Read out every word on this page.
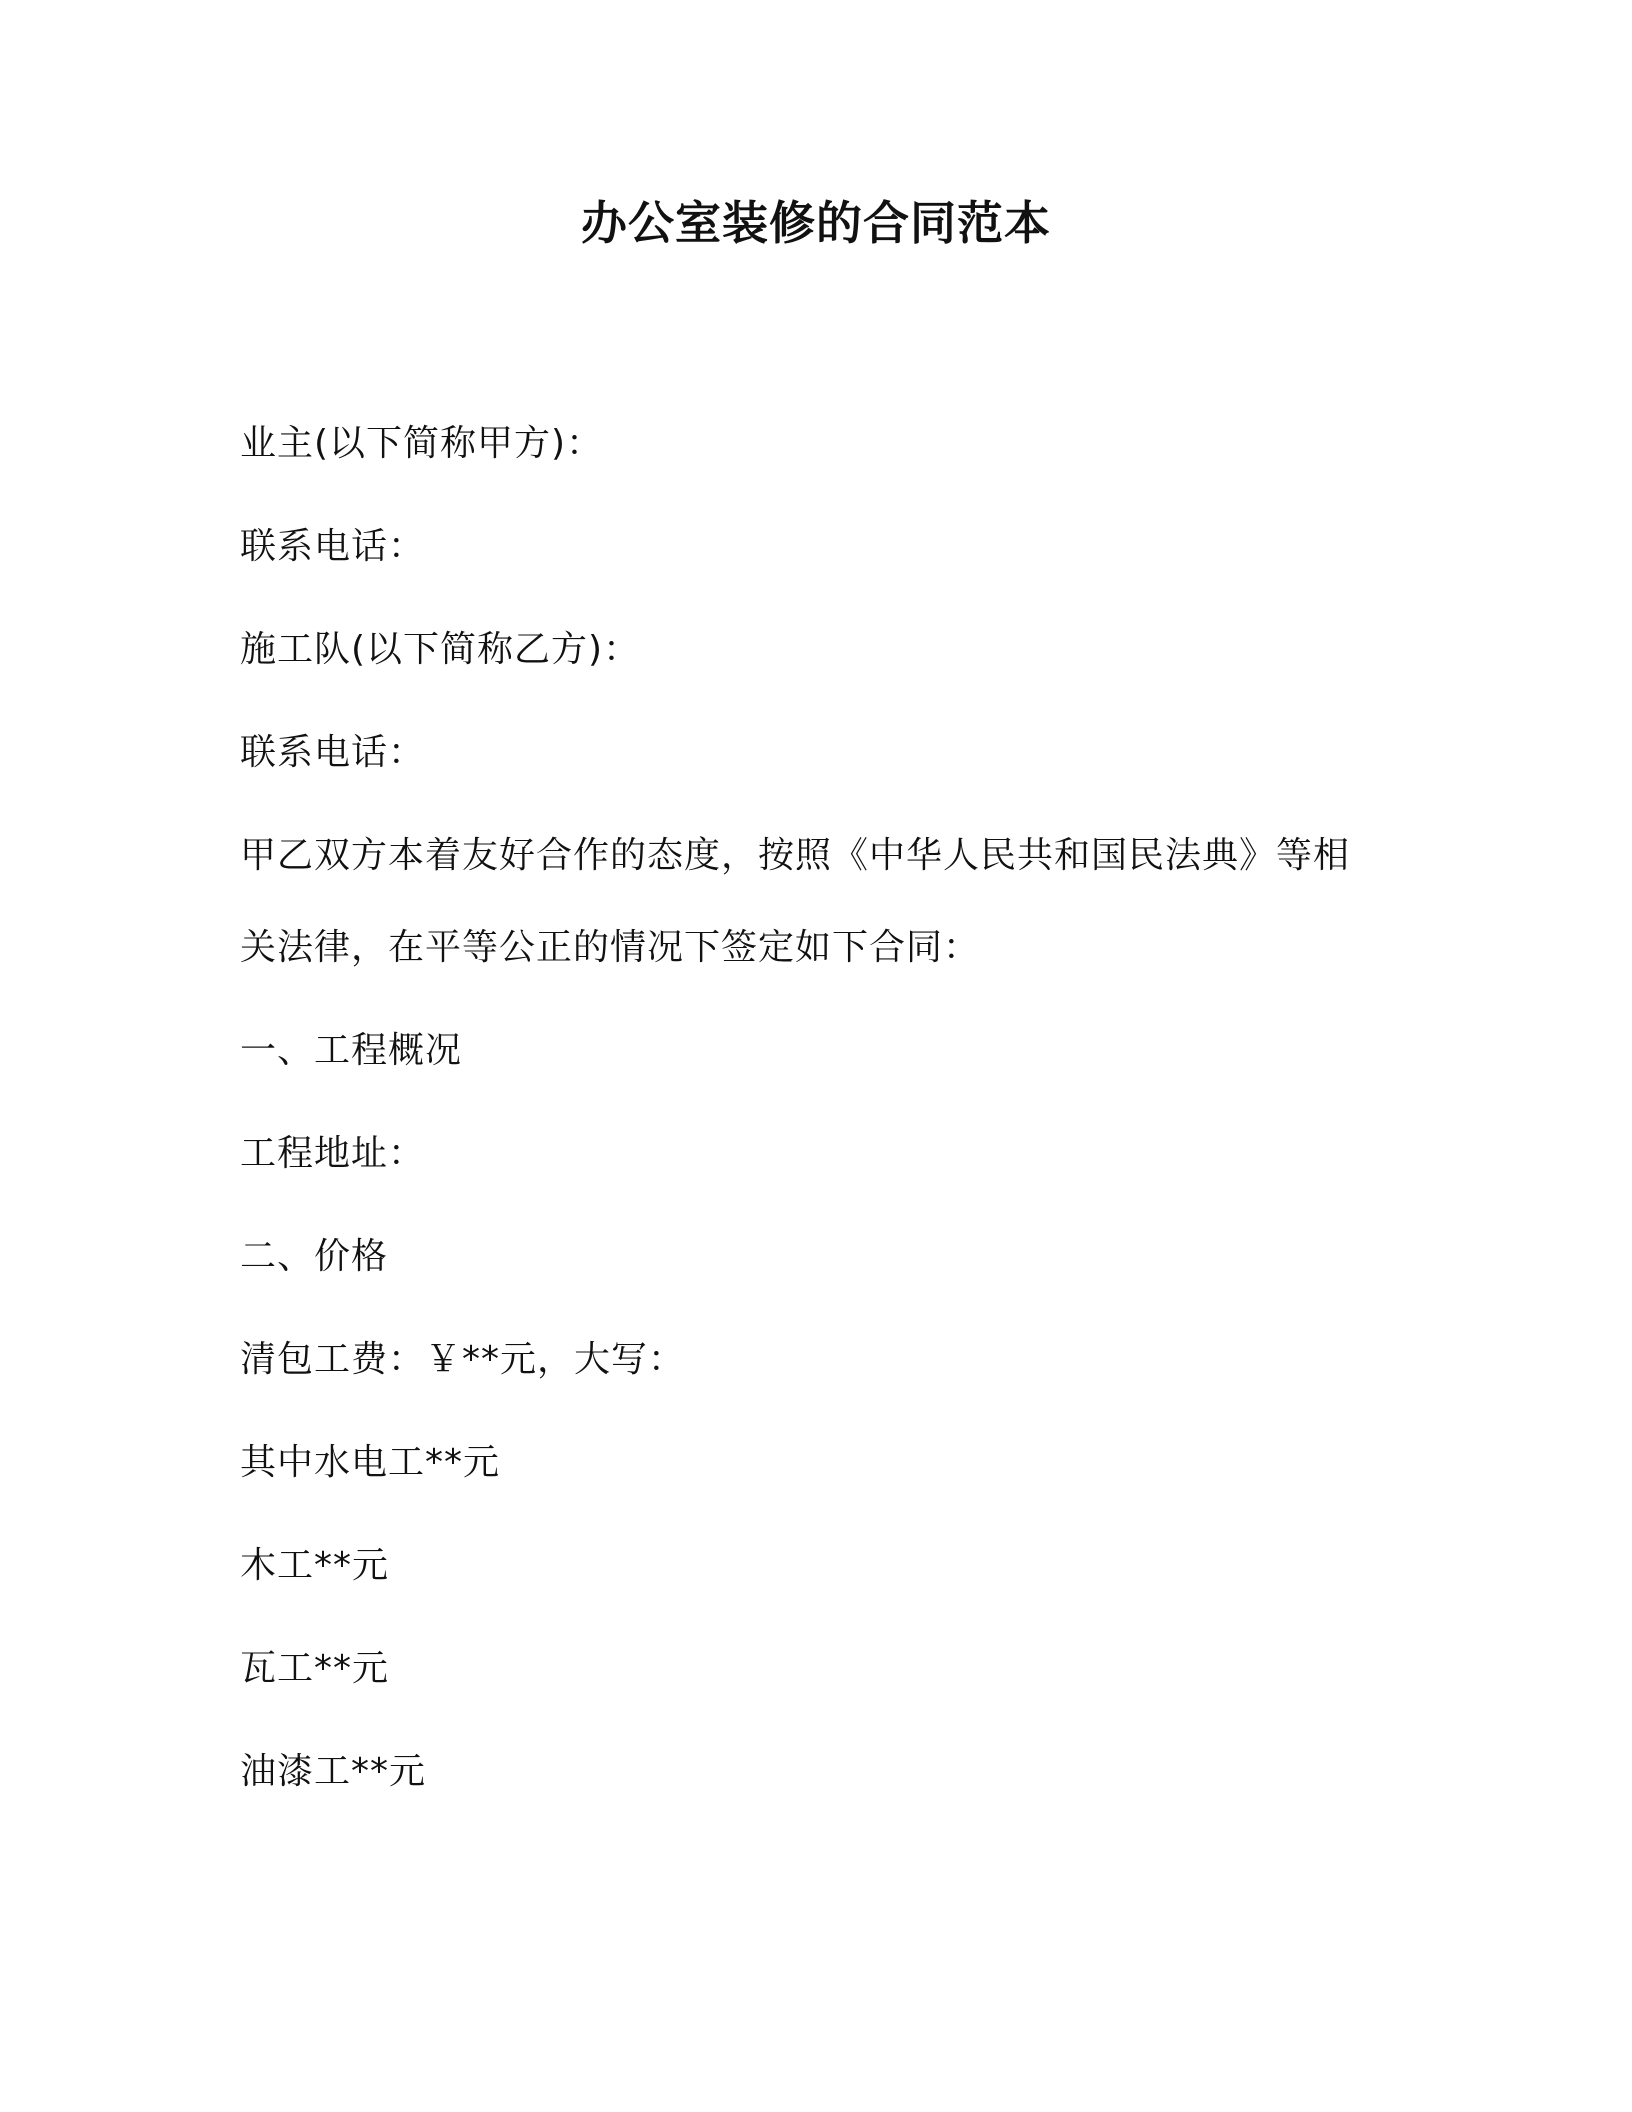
办公室装修的合同范本

业主(以下简称甲方)：

联系电话：

施工队(以下简称乙方)：

联系电话：

甲乙双方本着友好合作的态度，按照《中华人民共和国民法典》等相
关法律，在平等公正的情况下签定如下合同：

一、工程概况

工程地址：

二、价格

清包工费：￥**元，大写：

其中水电工**元

木工**元

瓦工**元

油漆工**元
